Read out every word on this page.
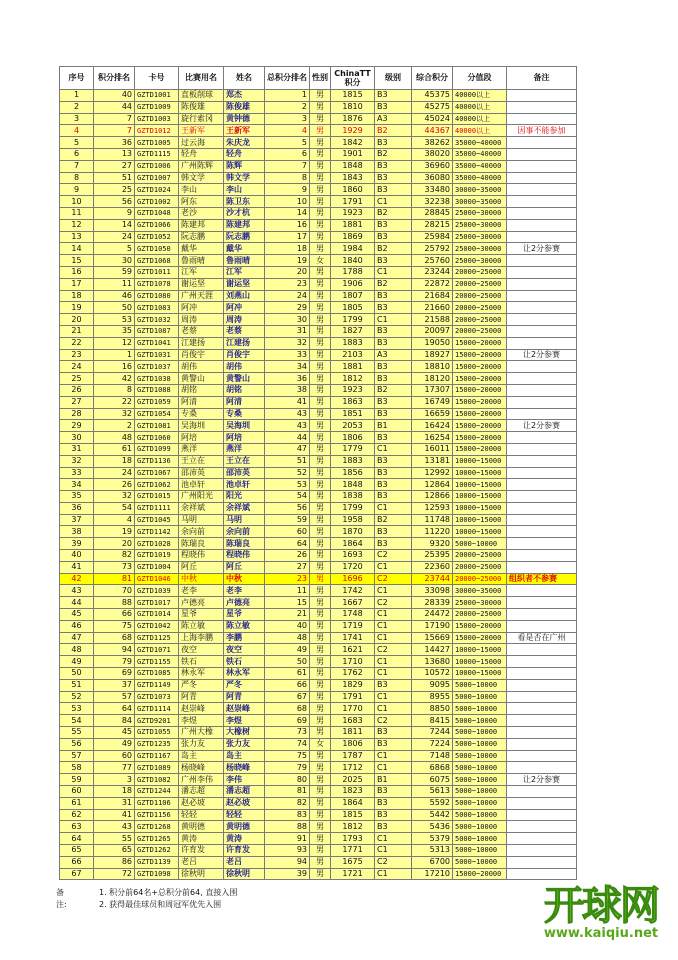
序号	积分排名	卡号	比赛用名	姓名	总积分排名	性别	ChinaTT积分	级别	综合积分	分值段	备注
1	40	GZTD1001	直板削球	郑杰	1	男	1815	B3	45375	40000以上	
2	44	GZTD1009	陈俊雄	陈俊雄	2	男	1810	B3	45275	40000以上	
3	7	GZTD1003	旋行索冈	黄钟德	3	男	1876	A3	45024	40000以上	
4	7	GZTD1012	王新军	王新军	4	男	1929	B2	44367	40000以上	因事不能参加
5	36	GZTD1005	过云海	朱庆龙	5	男	1842	B3	38262	35000~40000	
6	13	GZTD1115	轻舟	轻舟	6	男	1901	B2	38020	35000~40000	
7	27	GZTD1006	广州陈辉	陈辉	7	男	1848	B3	36960	35000~40000	
8	51	GZTD1007	韩文学	韩文学	8	男	1843	B3	36080	35000~40000	
9	25	GZTD1024	李山	李山	9	男	1860	B3	33480	30000~35000	
10	56	GZTD1002	阿东	陈卫东	10	男	1791	C1	32238	30000~35000	
11	9	GZTD1048	老沙	沙才杭	14	男	1923	B2	28845	25000~30000	
12	14	GZTD1066	陈建邦	陈建邦	16	男	1881	B3	28215	25000~30000	
13	24	GZTD1052	阮志鹏	阮志鹏	17	男	1869	B3	25984	25000~30000	
14	5	GZTD1050	戴华	戴华	18	男	1984	B2	25792	25000~30000	让2分参赛
15	30	GZTD1068	鲁雨晴	鲁雨晴	19	女	1840	B3	25760	25000~30000	
16	59	GZTD1011	江军	江军	20	男	1788	C1	23244	20000~25000	
17	11	GZTD1078	谢运坚	谢运坚	23	男	1906	B2	22872	20000~25000	
18	46	GZTD1080	广州天涯	刘燕山	24	男	1807	B3	21684	20000~25000	
19	50	GZTD1083	阿冲	阿冲	29	男	1805	B3	21660	20000~25000	
20	53	GZTD1032	周涛	周涛	30	男	1799	C1	21588	20000~25000	
21	35	GZTD1087	老蔡	老蔡	31	男	1827	B3	20097	20000~25000	
22	12	GZTD1041	江建扬	江建扬	32	男	1883	B3	19050	15000~20000	
23	1	GZTD1031	肖俊宇	肖俊宇	33	男	2103	A3	18927	15000~20000	让2分参赛
24	16	GZTD1037	胡伟	胡伟	34	男	1881	B3	18810	15000~20000	
25	42	GZTD1038	黄警山	黄警山	36	男	1812	B3	18120	15000~20000	
26	8	GZTD1088	胡铭	胡铭	38	男	1923	B2	17307	15000~20000	
27	22	GZTD1059	阿清	阿清	41	男	1863	B3	16749	15000~20000	
28	32	GZTD1054	专桑	专桑	43	男	1851	B3	16659	15000~20000	
29	2	GZTD1081	吴海圳	吴海圳	43	男	2053	B1	16424	15000~20000	让2分参赛
30	48	GZTD1060	阿培	阿培	44	男	1806	B3	16254	15000~20000	
31	61	GZTD1099	燕洋	燕洋	47	男	1779	C1	16011	15000~20000	
32	18	GZTD1136	王立在	王立在	51	男	1883	B3	13181	10000~15000	
33	24	GZTD1067	邵沛英	邵沛英	52	男	1856	B3	12992	10000~15000	
34	26	GZTD1062	池卓轩	池卓轩	53	男	1848	B3	12864	10000~15000	
35	32	GZTD1015	广州阳光	阳光	54	男	1838	B3	12866	10000~15000	
36	54	GZTD1111	余祥斌	余祥斌	56	男	1799	C1	12593	10000~15000	
37	4	GZTD1045	马明	马明	59	男	1958	B2	11748	10000~15000	
38	19	GZTD1142	余向前	余向前	60	男	1870	B3	11220	10000~15000	
39	20	GZTD1028	陈瑞良	陈瑞良	64	男	1864	B3	9320	5000~10000	
40	82	GZTD1019	程晓伟	程晓伟	26	男	1693	C2	25395	20000~25000	
41	73	GZTD1004	阿丘	阿丘	27	男	1720	C1	22360	20000~25000	
42	81	GZTD1046	中秋	中秋	23	男	1696	C2	23744	20000~25000	组织者不参赛
43	70	GZTD1039	老李	老李	11	男	1742	C1	33098	30000~35000	
44	88	GZTD1017	卢德亮	卢德亮	15	男	1667	C2	28339	25000~30000	
45	66	GZTD1014	星爷	星爷	21	男	1748	C1	24472	20000~25000	
46	75	GZTD1042	陈立敏	陈立敏	40	男	1719	C1	17190	15000~20000	
47	68	GZTD1125	上海李鹏	李鹏	48	男	1741	C1	15669	15000~20000	看是否在广州
48	94	GZTD1071	夜空	夜空	49	男	1621	C2	14427	10000~15000	
49	79	GZTD1155	铁石	铁石	50	男	1710	C1	13680	10000~15000	
50	69	GZTD1085	林永军	林永军	61	男	1762	C1	10572	10000~15000	
51	37	GZTD1149	严冬	严冬	66	男	1829	B3	9095	5000~10000	
52	57	GZTD1073	阿青	阿青	67	男	1791	C1	8955	5000~10000	
53	64	GZTD1114	赵崇峰	赵崇峰	68	男	1770	C1	8850	5000~10000	
54	84	GZTD9201	李煜	李煜	69	男	1683	C2	8415	5000~10000	
55	45	GZTD1055	广州大橡	大橡树	73	男	1811	B3	7244	5000~10000	
56	49	GZTD1235	张力友	张力友	74	女	1806	B3	7224	5000~10000	
57	60	GZTD1167	岛主	岛主	75	男	1787	C1	7148	5000~10000	
58	77	GZTD1089	杨晓峰	杨晓峰	79	男	1712	C1	6868	5000~10000	
59	3	GZTD1082	广州李伟	李伟	80	男	2025	B1	6075	5000~10000	让2分参赛
60	18	GZTD1244	潘志超	潘志超	81	男	1823	B3	5613	5000~10000	
61	31	GZTD1106	赵必坡	赵必坡	82	男	1864	B3	5592	5000~10000	
62	41	GZTD1156	轻轻	轻轻	83	男	1815	B3	5442	5000~10000	
63	43	GZTD1268	黄明德	黄明德	88	男	1812	B3	5436	5000~10000	
64	55	GZTD1265	黄涛	黄涛	91	男	1793	C1	5379	5000~10000	
65	65	GZTD1262	许育发	许育发	93	男	1771	C1	5313	5000~10000	
66	86	GZTD1139	老吕	老吕	94	男	1675	C2	6700	5000~10000	
67	72	GZTD1098	徐秋明	徐秋明	39	男	1721	C1	17210	15000~20000	
备注:
1. 积分前64名+总积分前64, 直接入围
2. 获得最佳球员和周冠军优先入围	开球网
www.kaiqiu.net
